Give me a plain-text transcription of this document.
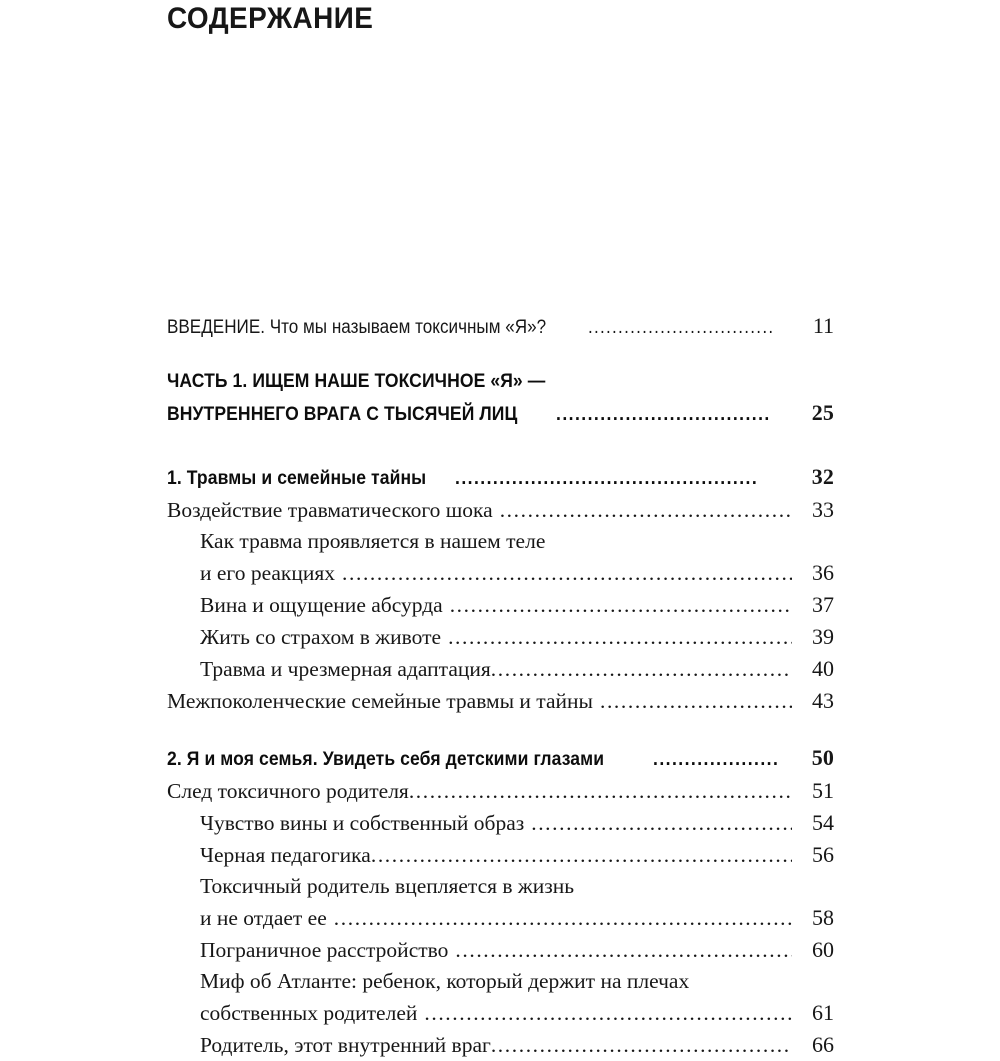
СОДЕРЖАНИЕ
ВВЕДЕНИЕ. Что мы называем токсичным «Я»? .....	11
ЧАСТЬ 1. ИЩЕМ НАШЕ ТОКСИЧНОЕ «Я» —
ВНУТРЕННЕГО ВРАГА С ТЫСЯЧЕЙ ЛИЦ .....	25
1. Травмы и семейные тайны .....	32
Воздействие травматического шока .....	33
Как травма проявляется в нашем теле
и его реакциях .....	36
Вина и ощущение абсурда .....	37
Жить со страхом в животе .....	39
Травма и чрезмерная адаптация .....	40
Межпоколенческие семейные травмы и тайны .....	43
2. Я и моя семья. Увидеть себя детскими глазами .....	50
След токсичного родителя .....	51
Чувство вины и собственный образ .....	54
Черная педагогика .....	56
Токсичный родитель вцепляется в жизнь
и не отдает ее .....	58
Пограничное расстройство .....	60
Миф об Атланте: ребенок, который держит на плечах
собственных родителей .....	61
Родитель, этот внутренний враг .....	66
